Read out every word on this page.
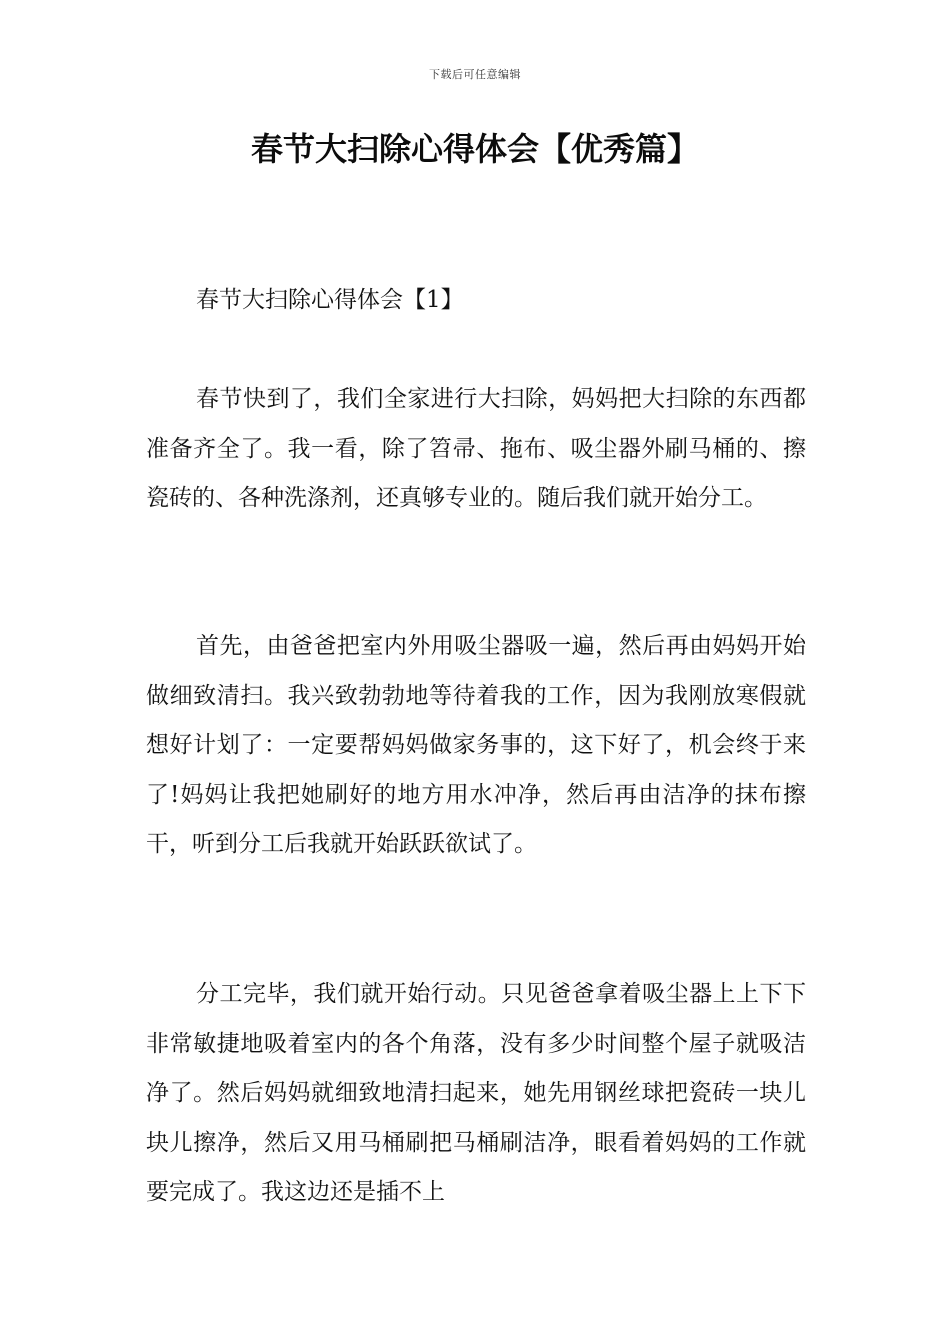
下载后可任意编辑
春节大扫除心得体会【优秀篇】
春节大扫除心得体会【1】

春节快到了，我们全家进行大扫除，妈妈把大扫除的东西都准备齐全了。我一看，除了笤帚、拖布、吸尘器外刷马桶的、擦瓷砖的、各种洗涤剂，还真够专业的。随后我们就开始分工。

首先，由爸爸把室内外用吸尘器吸一遍，然后再由妈妈开始做细致清扫。我兴致勃勃地等待着我的工作，因为我刚放寒假就想好计划了：一定要帮妈妈做家务事的，这下好了，机会终于来了!妈妈让我把她刷好的地方用水冲净，然后再由洁净的抹布擦干，听到分工后我就开始跃跃欲试了。

分工完毕，我们就开始行动。只见爸爸拿着吸尘器上上下下非常敏捷地吸着室内的各个角落，没有多少时间整个屋子就吸洁净了。然后妈妈就细致地清扫起来，她先用钢丝球把瓷砖一块儿块儿擦净，然后又用马桶刷把马桶刷洁净，眼看着妈妈的工作就要完成了。我这边还是插不上
